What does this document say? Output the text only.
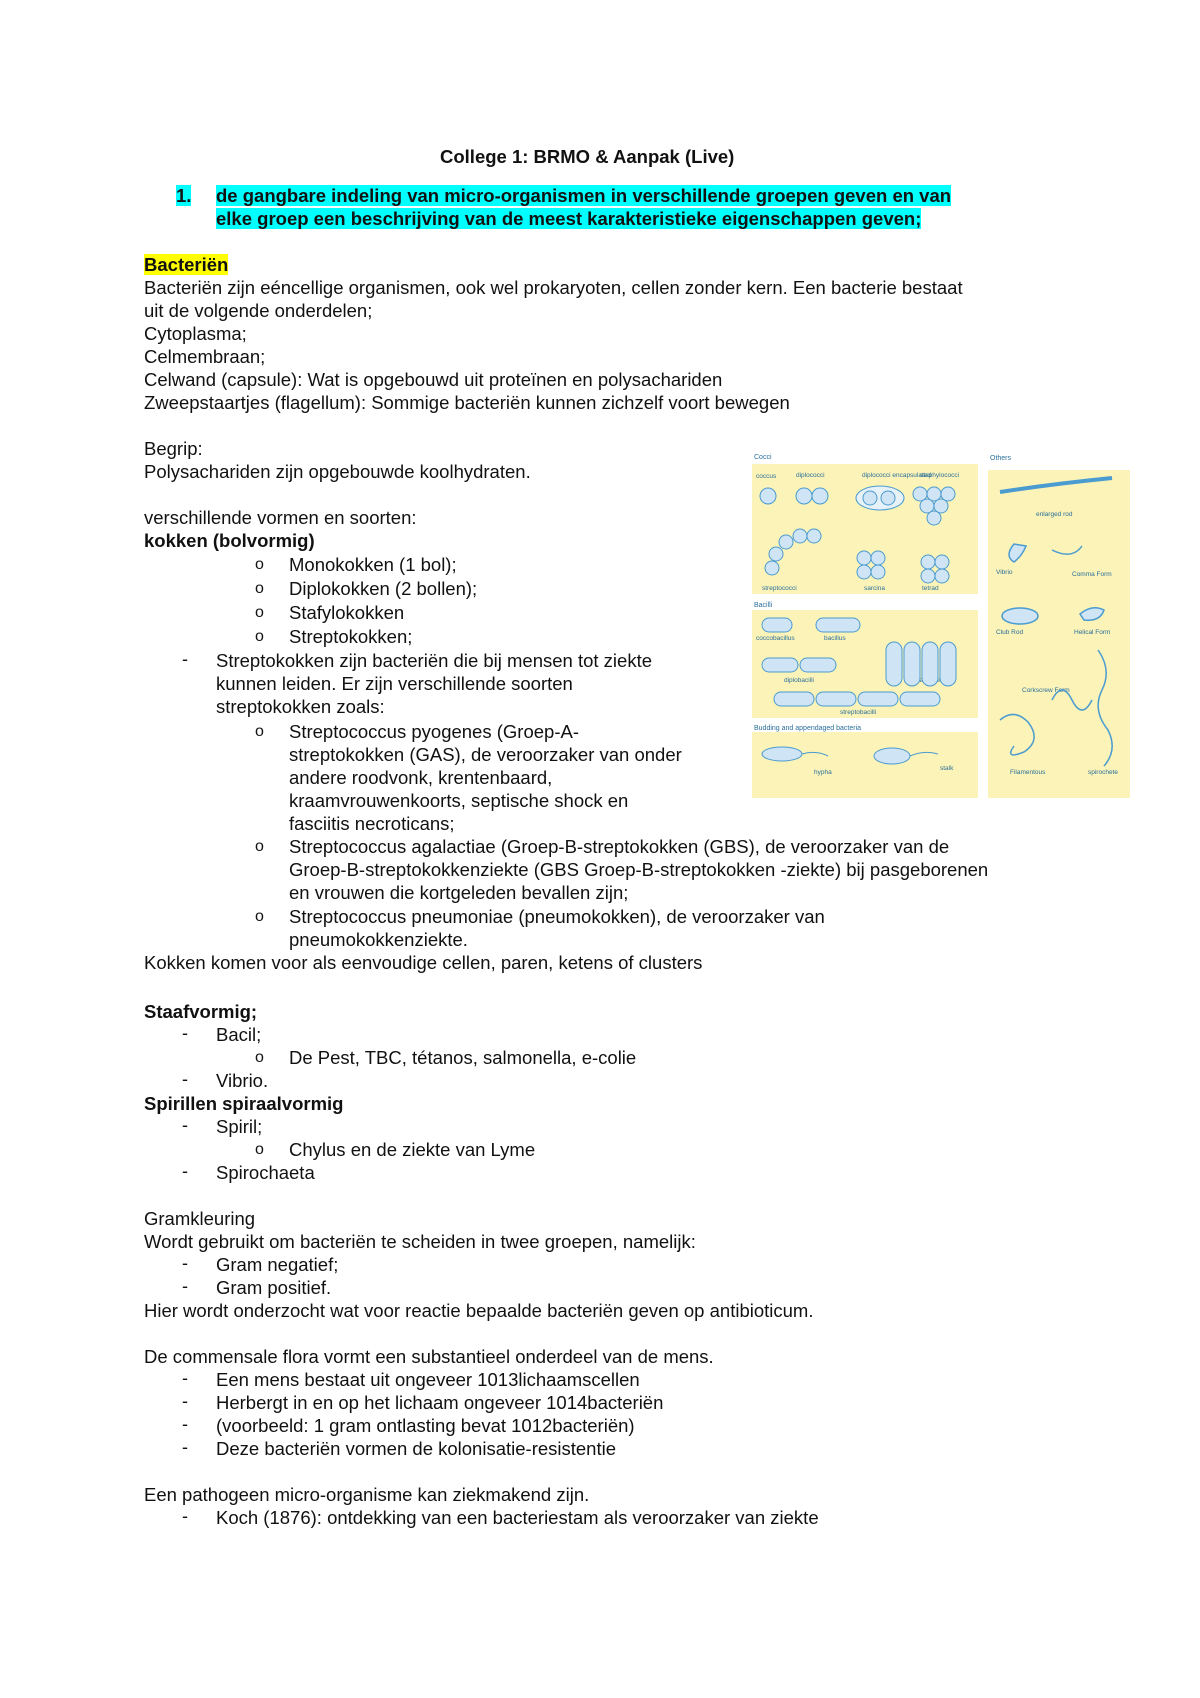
College 1: BRMO & Aanpak (Live)
1. de gangbare indeling van micro-organismen in verschillende groepen geven en van
elke groep een beschrijving van de meest karakteristieke eigenschappen geven;
Bacteriën
Bacteriën zijn eéncellige organismen, ook wel prokaryoten, cellen zonder kern. Een bacterie bestaat
uit de volgende onderdelen;
Cytoplasma;
Celmembraan;
Celwand (capsule): Wat is opgebouwd uit proteïnen en polysachariden
Zweepstaartjes (flagellum): Sommige bacteriën kunnen zichzelf voort bewegen
Begrip:
Polysachariden zijn opgebouwde koolhydraten.
verschillende vormen en soorten:
kokken (bolvormig)
o Monokokken (1 bol);
o Diplokokken (2 bollen);
o Stafylokokken
o Streptokokken;
- Streptokokken zijn bacteriën die bij mensen tot ziekte
kunnen leiden. Er zijn verschillende soorten
streptokokken zoals:
o Streptococcus pyogenes (Groep-A-
streptokokken (GAS), de veroorzaker van onder
andere roodvonk, krentenbaard,
kraamvrouwenkoorts, septische shock en
fasciitis necroticans;
o Streptococcus agalactiae (Groep-B-streptokokken (GBS), de veroorzaker van de
Groep-B-streptokokkenziekte (GBS Groep-B-streptokokken -ziekte) bij pasgeborenen
en vrouwen die kortgeleden bevallen zijn;
o Streptococcus pneumoniae (pneumokokken), de veroorzaker van
pneumokokkenziekte.
Kokken komen voor als eenvoudige cellen, paren, ketens of clusters
Staafvormig;
- Bacil;
o De Pest, TBC, tétanos, salmonella, e-colie
- Vibrio.
Spirillen spiraalvormig
- Spiril;
o Chylus en de ziekte van Lyme
- Spirochaeta
Gramkleuring
Wordt gebruikt om bacteriën te scheiden in twee groepen, namelijk:
- Gram negatief;
- Gram positief.
Hier wordt onderzocht wat voor reactie bepaalde bacteriën geven op antibioticum.
De commensale flora vormt een substantieel onderdeel van de mens.
- Een mens bestaat uit ongeveer 1013lichaamscellen
- Herbergt in en op het lichaam ongeveer 1014bacteriën
- (voorbeeld: 1 gram ontlasting bevat 1012bacteriën)
- Deze bacteriën vormen de kolonisatie-resistentie
Een pathogeen micro-organisme kan ziekmakend zijn.
- Koch (1876): ontdekking van een bacteriestam als veroorzaker van ziekte
Cocci	Others
Bacilli
Budding and appendaged bacteria
coccus	diplococci	diplococci encapsulated
staphylococci
streptococci	sarcina	tetrad
coccobacillus	bacillus
diplobacilli
streptobacilli
hypha
stalk
enlarged rod
Vibrio	Comma Form
Club Rod	Helical Form
Corkscrew Form
Filamentous	spirochete
